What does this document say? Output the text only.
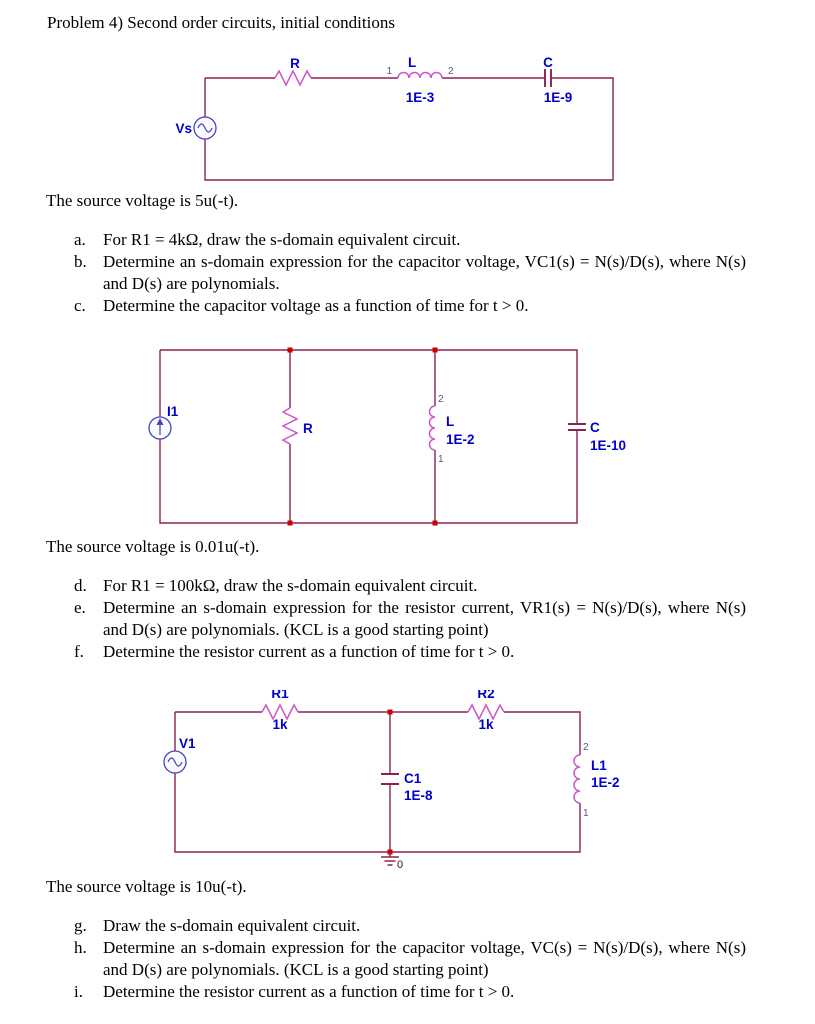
Problem 4) Second order circuits, initial conditions
Vs
R
1	2
L
1E-3
C
1E-9
The source voltage is 5u(-t).
a.	For R1 = 4kΩ, draw the s-domain equivalent circuit.
b. Determine an s-domain expression for the capacitor voltage, VC1(s) = N(s)/D(s), where N(s) and D(s) are polynomials.
c.	Determine the capacitor voltage as a function of time for t > 0.
I1
R
2
1
L
1E-2
C
1E-10
The source voltage is 0.01u(-t).
d. For R1 = 100kΩ, draw the s-domain equivalent circuit.
e.	Determine an s-domain expression for the resistor current, VR1(s) = N(s)/D(s), where N(s) and D(s) are polynomials. (KCL is a good starting point)
f.	Determine the resistor current as a function of time for t > 0.
0
V1
R1
1k
R2
1k
C1
1E-8
2
1
L1
1E-2
The source voltage is 10u(-t).
g. Draw the s-domain equivalent circuit.
h. Determine an s-domain expression for the capacitor voltage, VC(s) = N(s)/D(s), where N(s) and D(s) are polynomials. (KCL is a good starting point)
i.	Determine the resistor current as a function of time for t > 0.
